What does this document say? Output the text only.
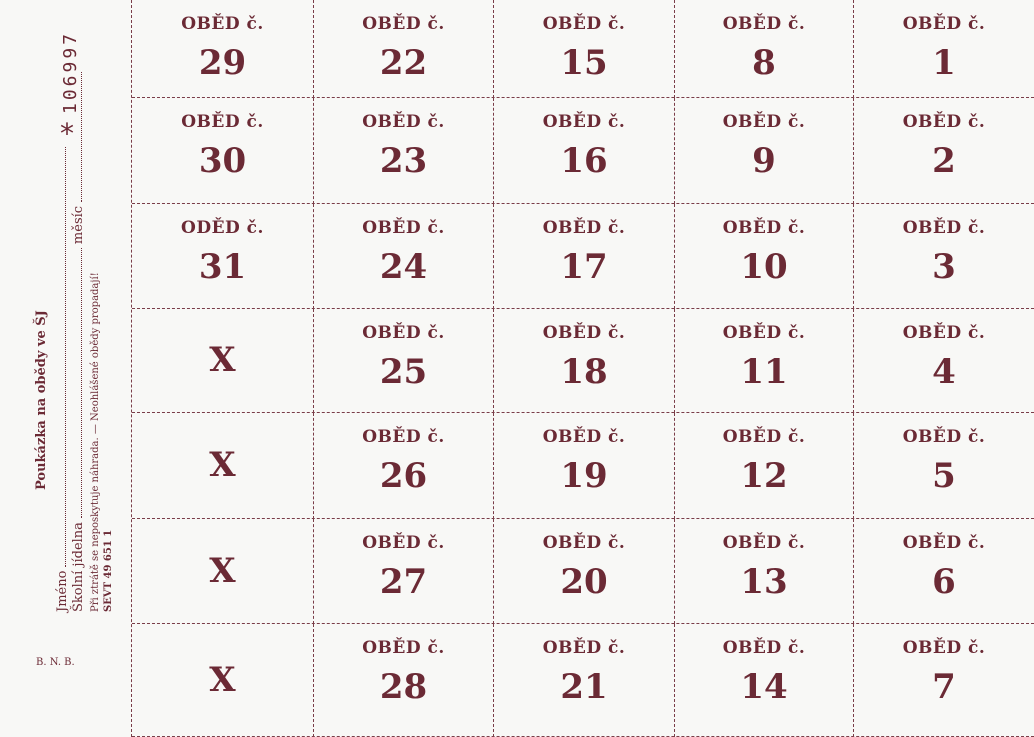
106997
*
Poukázka na obědy ve ŠJ
Jméno Školní jídelnaměsíc
Při ztrátě se neposkytuje náhrada. — Neohlášené obědy propadají! SEVT 49 651 1
B. N. B.
OBĚD č.
29
OBĚD č.
22
OBĚD č.
15
OBĚD č.
8
OBĚD č.
1
OBĚD č.
30
OBĚD č.
23
OBĚD č.
16
OBĚD č.
9
OBĚD č.
2
ODĚD č.
31
OBĚD č.
24
OBĚD č.
17
OBĚD č.
10
OBĚD č.
3
X
OBĚD č.
25
OBĚD č.
18
OBĚD č.
11
OBĚD č.
4
X
OBĚD č.
26
OBĚD č.
19
OBĚD č.
12
OBĚD č.
5
X
OBĚD č.
27
OBĚD č.
20
OBĚD č.
13
OBĚD č.
6
X
OBĚD č.
28
OBĚD č.
21
OBĚD č.
14
OBĚD č.
7
